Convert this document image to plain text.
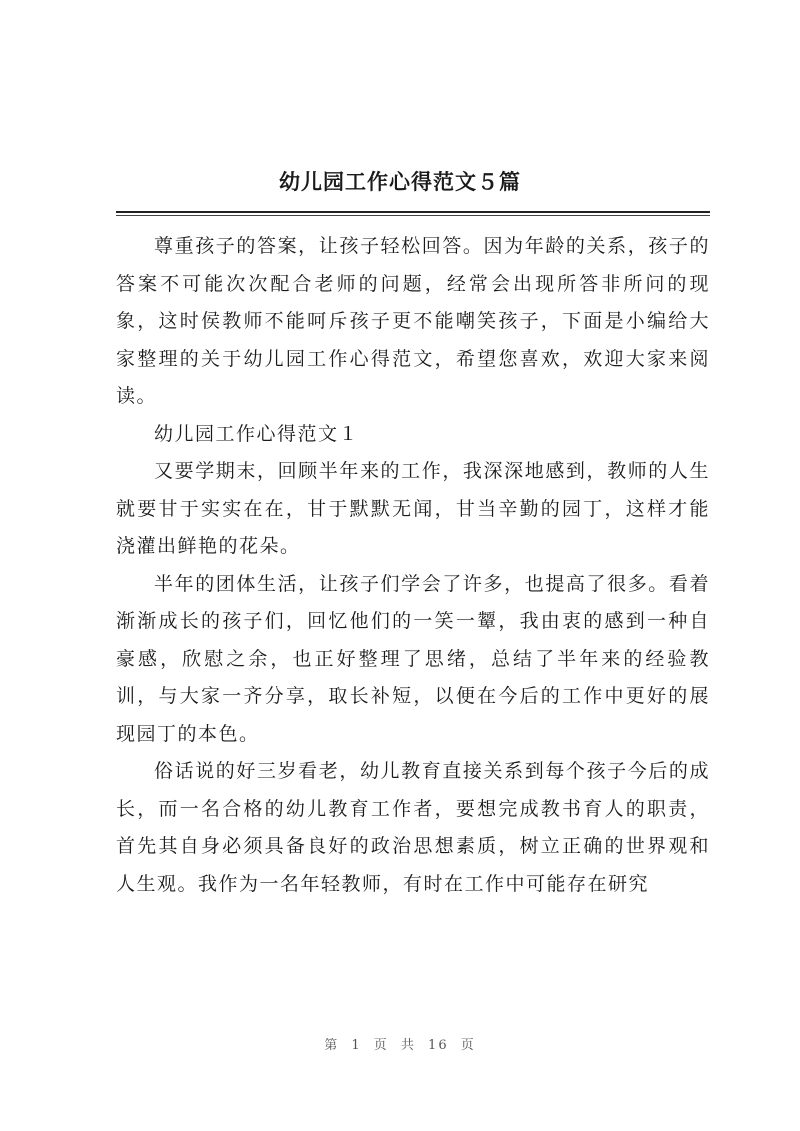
幼儿园工作心得范文５篇

尊重孩子的答案，让孩子轻松回答。因为年龄的关系，孩子的答案不可能次次配合老师的问题，经常会出现所答非所问的现象，这时侯教师不能呵斥孩子更不能嘲笑孩子，下面是小编给大家整理的关于幼儿园工作心得范文，希望您喜欢，欢迎大家来阅读。

幼儿园工作心得范文１

又要学期末，回顾半年来的工作，我深深地感到，教师的人生就要甘于实实在在，甘于默默无闻，甘当辛勤的园丁，这样才能浇灌出鲜艳的花朵。

半年的团体生活，让孩子们学会了许多，也提高了很多。看着渐渐成长的孩子们，回忆他们的一笑一颦，我由衷的感到一种自豪感，欣慰之余，也正好整理了思绪，总结了半年来的经验教训，与大家一齐分享，取长补短，以便在今后的工作中更好的展现园丁的本色。

俗话说的好三岁看老，幼儿教育直接关系到每个孩子今后的成长，而一名合格的幼儿教育工作者，要想完成教书育人的职责，首先其自身必须具备良好的政治思想素质，树立正确的世界观和人生观。我作为一名年轻教师，有时在工作中可能存在研究

第 1 页 共 16 页
